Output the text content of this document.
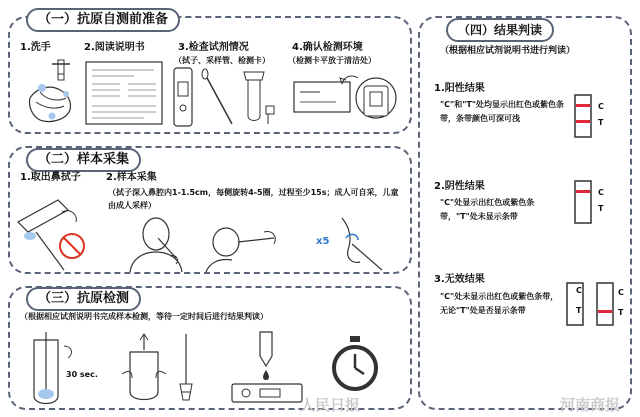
（一）抗原自测前准备
1.洗手	2.阅读说明书	3.检查试剂情况
（拭子、采样管、检测卡）
4.确认检测环境
（检测卡平放于清洁处）
（二）样本采集
1.取出鼻拭子	2.样本采集
（拭子深入鼻腔内1-1.5cm，每侧旋转4-5圈，过程至少15s；成人可自采，儿童由成人采样）
x5
（三）抗原检测
（根据相应试剂说明书完成样本检测，等待一定时间后进行结果判读）
30 sec.
（四）结果判读
（根据相应试剂说明书进行判读）
1.阳性结果
"C"和"T"处均显示出红色或紫色条带，条带颜色可深可浅
C
T
2.阴性结果
"C"处显示出红色或紫色条带，"T"处未显示条带
C
T
3.无效结果
"C"处未显示出红色或紫色条带，无论"T"处是否显示条带
C
T
C
T
人民日报	河南商报
